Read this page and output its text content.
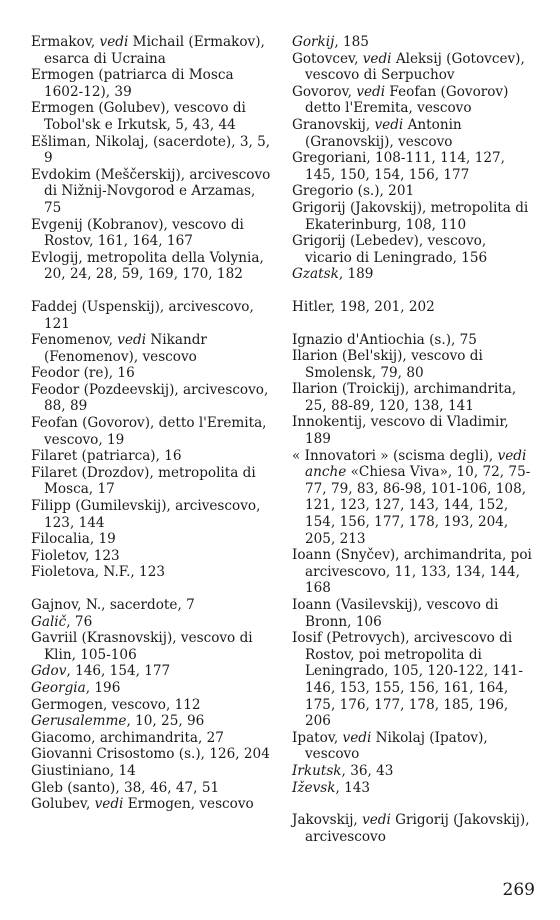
Ermakov, vedi Michail (Ermakov), esarca di Ucraina

Ermogen (patriarca di Mosca 1602-12), 39

Ermogen (Golubev), vescovo di Tobol'sk e Irkutsk, 5, 43, 44

Ešliman, Nikolaj, (sacerdote), 3, 5, 9

Evdokim (Meščerskij), arcivescovo di Nižnij-Novgorod e Arzamas, 75

Evgenij (Kobranov), vescovo di Rostov, 161, 164, 167

Evlogij, metropolita della Volynia, 20, 24, 28, 59, 169, 170, 182

Faddej (Uspenskij), arcivescovo, 121

Fenomenov, vedi Nikandr (Fenomenov), vescovo

Feodor (re), 16

Feodor (Pozdeevskij), arcivescovo, 88, 89

Feofan (Govorov), detto l'Eremita, vescovo, 19

Filaret (patriarca), 16

Filaret (Drozdov), metropolita di Mosca, 17

Filipp (Gumilevskij), arcivescovo, 123, 144

Filocalia, 19

Fioletov, 123

Fioletova, N.F., 123

Gajnov, N., sacerdote, 7

Galič, 76

Gavriil (Krasnovskij), vescovo di Klin, 105-106

Gdov, 146, 154, 177

Georgia, 196

Germogen, vescovo, 112

Gerusalemme, 10, 25, 96

Giacomo, archimandrita, 27

Giovanni Crisostomo (s.), 126, 204

Giustiniano, 14

Gleb (santo), 38, 46, 47, 51

Golubev, vedi Ermogen, vescovo

Gorkij, 185

Gotovcev, vedi Aleksij (Gotovcev), vescovo di Serpuchov

Govorov, vedi Feofan (Govorov) detto l'Eremita, vescovo

Granovskij, vedi Antonin (Granovskij), vescovo

Gregoriani, 108-111, 114, 127, 145, 150, 154, 156, 177

Gregorio (s.), 201

Grigorij (Jakovskij), metropolita di Ekaterinburg, 108, 110

Grigorij (Lebedev), vescovo, vicario di Leningrado, 156

Gzatsk, 189

Hitler, 198, 201, 202

Ignazio d'Antiochia (s.), 75

Ilarion (Bel'skij), vescovo di Smolensk, 79, 80

Ilarion (Troickij), archimandrita, 25, 88-89, 120, 138, 141

Innokentij, vescovo di Vladimir, 189

« Innovatori » (scisma degli), vedi anche «Chiesa Viva», 10, 72, 75-77, 79, 83, 86-98, 101-106, 108, 121, 123, 127, 143, 144, 152, 154, 156, 177, 178, 193, 204, 205, 213

Ioann (Snyčev), archimandrita, poi arcivescovo, 11, 133, 134, 144, 168

Ioann (Vasilevskij), vescovo di Bronn, 106

Iosif (Petrovych), arcivescovo di Rostov, poi metropolita di Leningrado, 105, 120-122, 141-146, 153, 155, 156, 161, 164, 175, 176, 177, 178, 185, 196, 206

Ipatov, vedi Nikolaj (Ipatov), vescovo

Irkutsk, 36, 43

Iževsk, 143

Jakovskij, vedi Grigorij (Jakovskij), arcivescovo

269
